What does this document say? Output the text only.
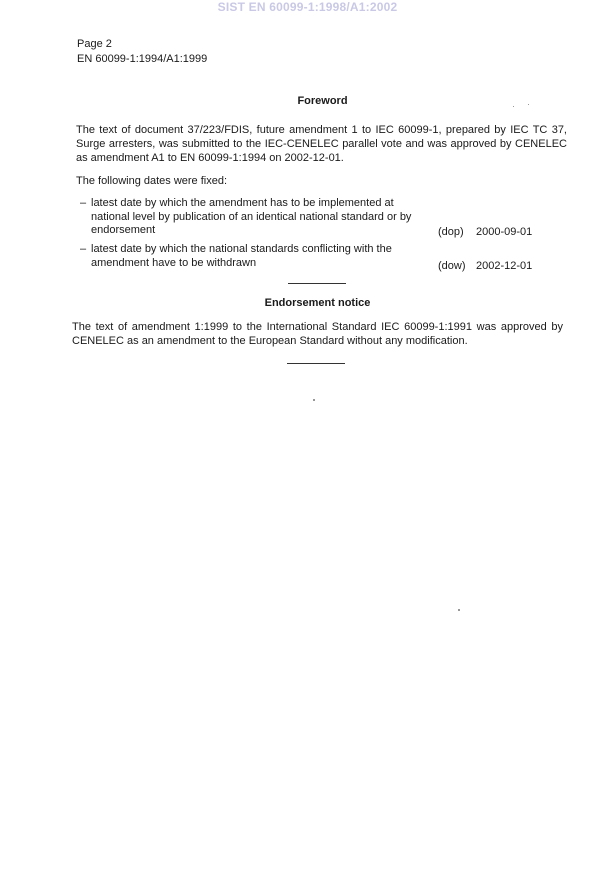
SIST EN 60099-1:1998/A1:2002
Page 2
EN 60099-1:1994/A1:1999
Foreword
The text of document 37/223/FDIS, future amendment 1 to IEC 60099-1, prepared by IEC TC 37, Surge arresters, was submitted to the IEC-CENELEC parallel vote and was approved by CENELEC as amendment A1 to EN 60099-1:1994 on 2002-12-01.
The following dates were fixed:
– latest date by which the amendment has to be implemented at national level by publication of an identical national standard or by endorsement	(dop)	2000-09-01
– latest date by which the national standards conflicting with the amendment have to be withdrawn	(dow) 2002-12-01
Endorsement notice
The text of amendment 1:1999 to the International Standard IEC 60099-1:1991 was approved by CENELEC as an amendment to the European Standard without any modification.
